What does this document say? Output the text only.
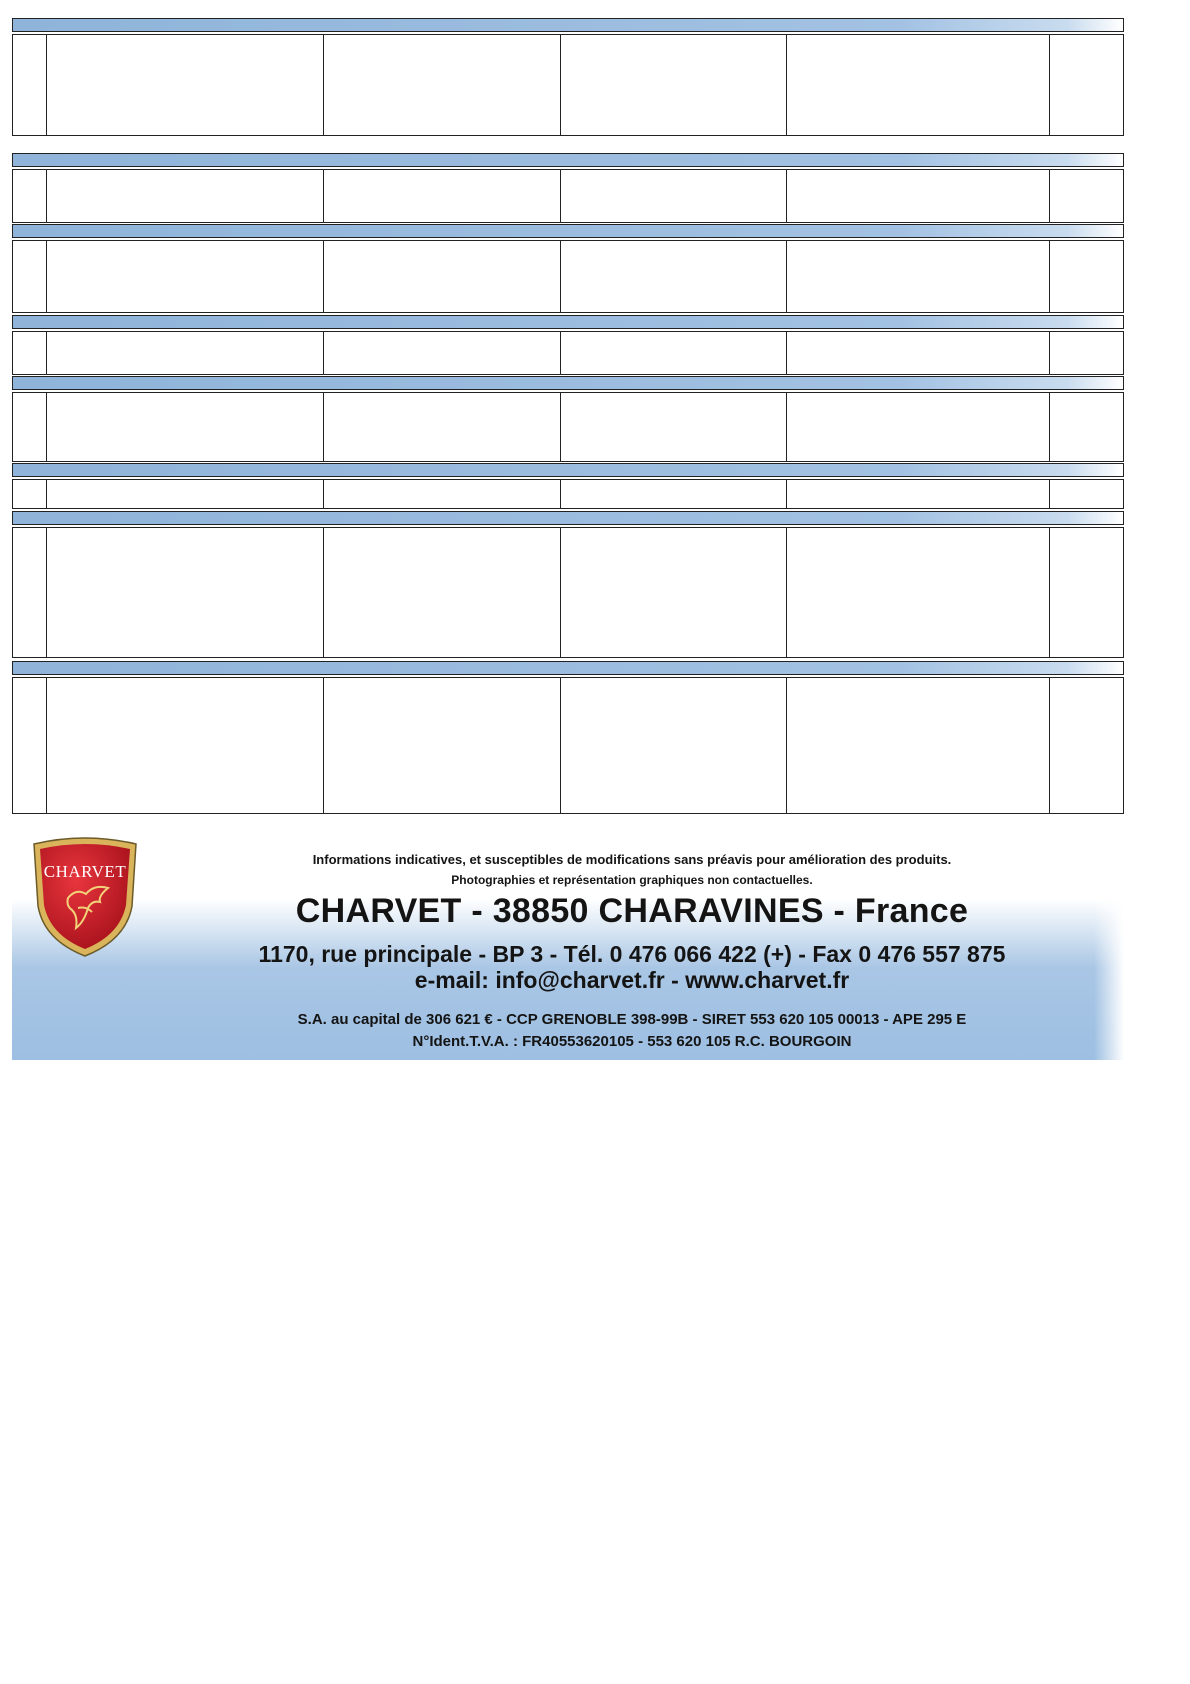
CHARVET
Informations indicatives, et susceptibles de modifications sans préavis pour amélioration des produits.
Photographies et représentation graphiques non contactuelles.
CHARVET - 38850 CHARAVINES - France
1170, rue principale - BP 3 - Tél. 0 476 066 422 (+) - Fax 0 476 557 875
e-mail: info@charvet.fr - www.charvet.fr
S.A. au capital de 306 621 € - CCP GRENOBLE 398-99B - SIRET 553 620 105 00013 - APE 295 E
N°Ident.T.V.A. : FR40553620105 - 553 620 105 R.C. BOURGOIN
